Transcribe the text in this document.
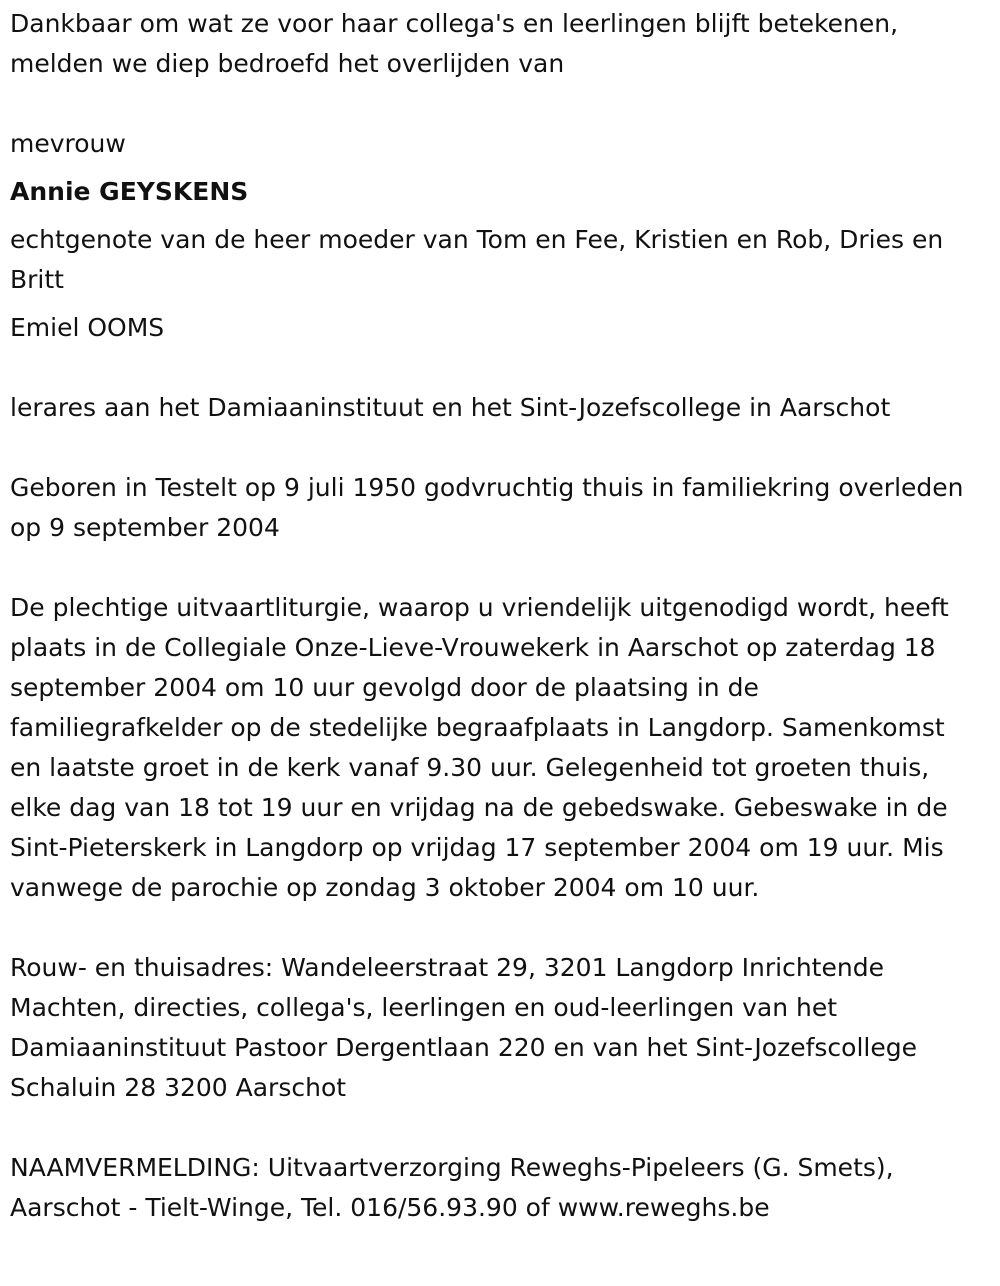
Dankbaar om wat ze voor haar collega's en leerlingen blijft betekenen, melden we diep bedroefd het overlijden van

mevrouw

Annie GEYSKENS

echtgenote van de heer moeder van Tom en Fee, Kristien en Rob, Dries en Britt

Emiel OOMS

lerares aan het Damiaaninstituut en het Sint-Jozefscollege in Aarschot

Geboren in Testelt op 9 juli 1950 godvruchtig thuis in familiekring overleden op 9 september 2004

De plechtige uitvaartliturgie, waarop u vriendelijk uitgenodigd wordt, heeft plaats in de Collegiale Onze-Lieve-Vrouwekerk in Aarschot op zaterdag 18 september 2004 om 10 uur gevolgd door de plaatsing in de familiegrafkelder op de stedelijke begraafplaats in Langdorp. Samenkomst en laatste groet in de kerk vanaf 9.30 uur. Gelegenheid tot groeten thuis, elke dag van 18 tot 19 uur en vrijdag na de gebedswake. Gebeswake in de Sint-Pieterskerk in Langdorp op vrijdag 17 september 2004 om 19 uur. Mis vanwege de parochie op zondag 3 oktober 2004 om 10 uur.

Rouw- en thuisadres: Wandeleerstraat 29, 3201 Langdorp Inrichtende Machten, directies, collega's, leerlingen en oud-leerlingen van het Damiaaninstituut Pastoor Dergentlaan 220 en van het Sint-Jozefscollege Schaluin 28 3200 Aarschot

NAAMVERMELDING: Uitvaartverzorging Reweghs-Pipeleers (G. Smets), Aarschot - Tielt-Winge, Tel. 016/56.93.90 of www.reweghs.be
